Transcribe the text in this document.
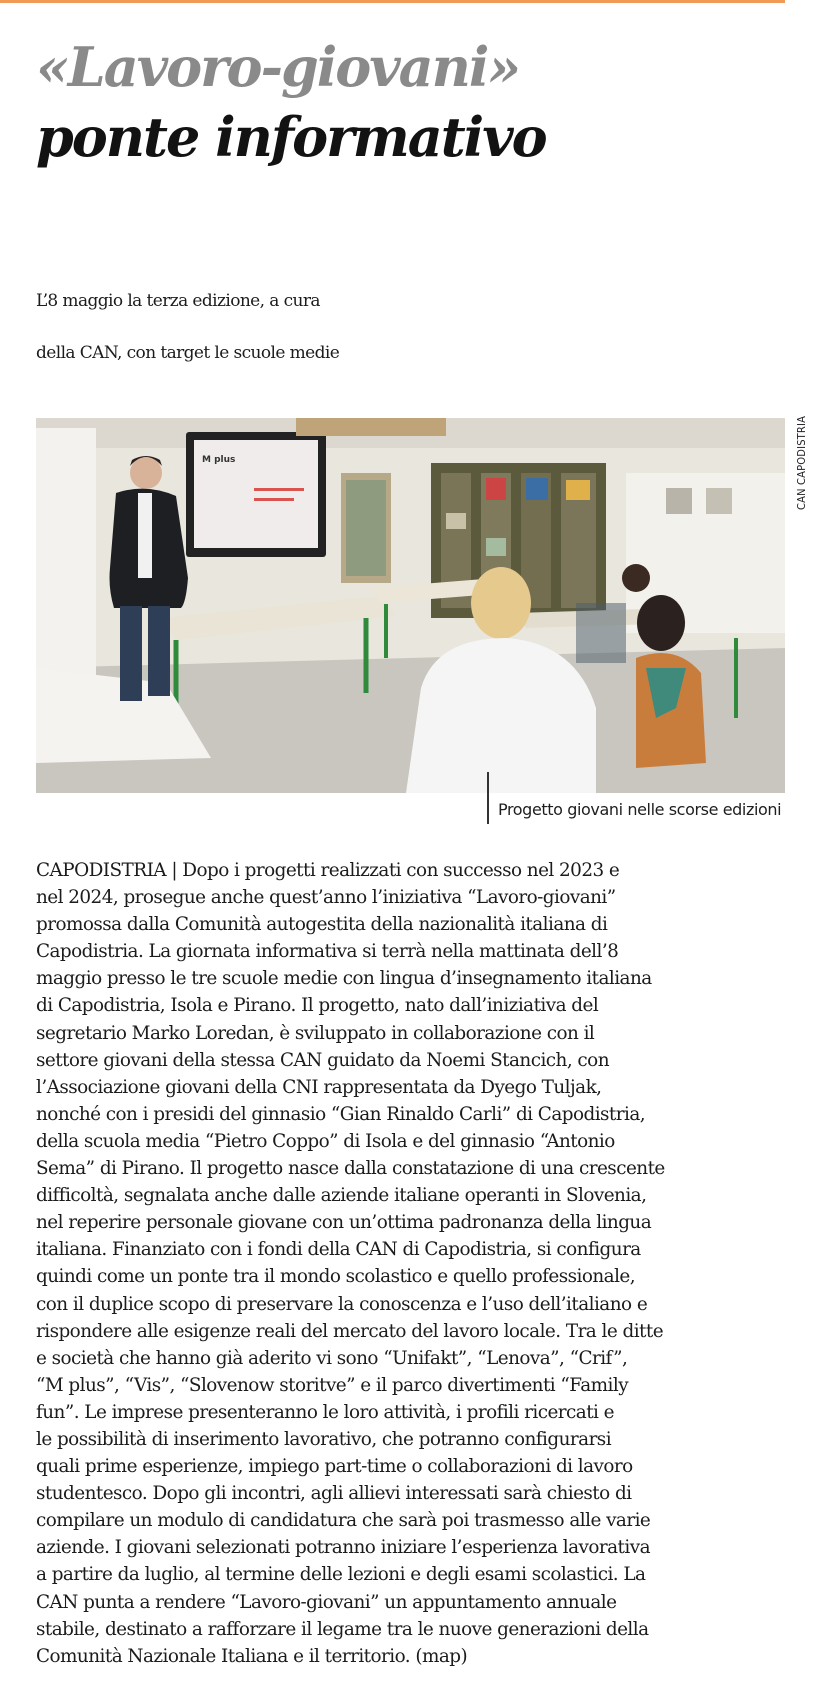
«Lavoro-giovani»
ponte informativo
L’8 maggio la terza edizione, a cura
della CAN, con target le scuole medie
M plus	CAN CAPODISTRIA
Progetto giovani nelle scorse edizioni
CAPODISTRIA | Dopo i progetti realizzati con successo nel 2023 e
nel 2024, prosegue anche quest’anno l’iniziativa “Lavoro-giovani”
promossa dalla Comunità autogestita della nazionalità italiana di
Capodistria. La giornata informativa si terrà nella mattinata dell’8
maggio presso le tre scuole medie con lingua d’insegnamento italiana
di Capodistria, Isola e Pirano. Il progetto, nato dall’iniziativa del
segretario Marko Loredan, è sviluppato in collaborazione con il
settore giovani della stessa CAN guidato da Noemi Stancich, con
l’Associazione giovani della CNI rappresentata da Dyego Tuljak,
nonché con i presidi del ginnasio “Gian Rinaldo Carli” di Capodistria,
della scuola media “Pietro Coppo” di Isola e del ginnasio “Antonio
Sema” di Pirano. Il progetto nasce dalla constatazione di una crescente
difficoltà, segnalata anche dalle aziende italiane operanti in Slovenia,
nel reperire personale giovane con un’ottima padronanza della lingua
italiana. Finanziato con i fondi della CAN di Capodistria, si configura
quindi come un ponte tra il mondo scolastico e quello professionale,
con il duplice scopo di preservare la conoscenza e l’uso dell’italiano e
rispondere alle esigenze reali del mercato del lavoro locale. Tra le ditte
e società che hanno già aderito vi sono “Unifakt”, “Lenova”, “Crif”,
“M plus”, “Vis”, “Slovenow storitve” e il parco divertimenti “Family
fun”. Le imprese presenteranno le loro attività, i profili ricercati e
le possibilità di inserimento lavorativo, che potranno configurarsi
quali prime esperienze, impiego part-time o collaborazioni di lavoro
studentesco. Dopo gli incontri, agli allievi interessati sarà chiesto di
compilare un modulo di candidatura che sarà poi trasmesso alle varie
aziende. I giovani selezionati potranno iniziare l’esperienza lavorativa
a partire da luglio, al termine delle lezioni e degli esami scolastici. La
CAN punta a rendere “Lavoro-giovani” un appuntamento annuale
stabile, destinato a rafforzare il legame tra le nuove generazioni della
Comunità Nazionale Italiana e il territorio. (map)
